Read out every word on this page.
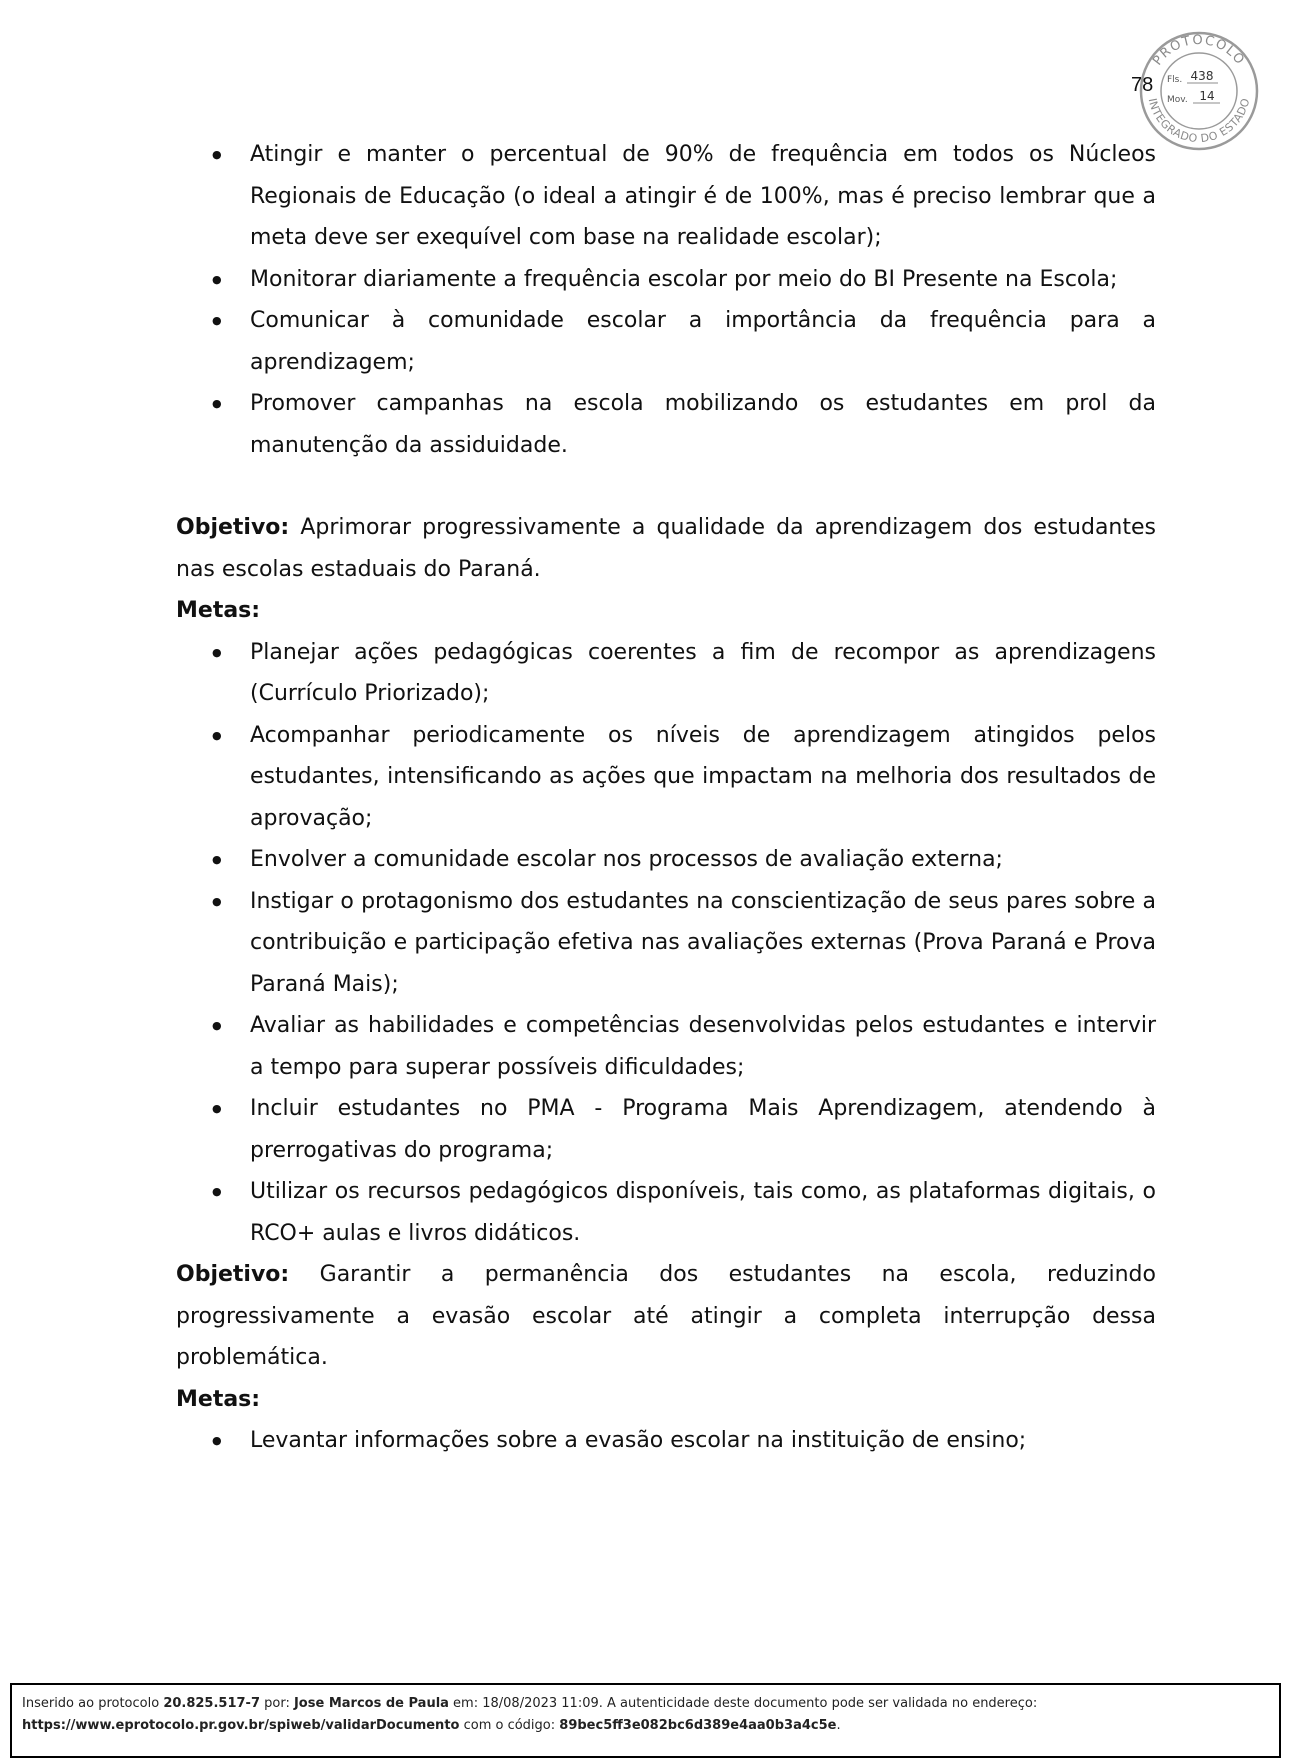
78
PROTOCOLO
INTEGRADO DO ESTADO
Fls. 438
Mov. 14
● Atingir e manter o percentual de 90% de frequência em todos os Núcleos Regionais de Educação (o ideal a atingir é de 100%, mas é preciso lembrar que a meta deve ser exequível com base na realidade escolar);
● Monitorar diariamente a frequência escolar por meio do BI Presente na Escola;
● Comunicar à comunidade escolar a importância da frequência para a aprendizagem;
● Promover campanhas na escola mobilizando os estudantes em prol da manutenção da assiduidade.

Objetivo: Aprimorar progressivamente a qualidade da aprendizagem dos estudantes nas escolas estaduais do Paraná.

Metas:

● Planejar ações pedagógicas coerentes a fim de recompor as aprendizagens (Currículo Priorizado);
● Acompanhar periodicamente os níveis de aprendizagem atingidos pelos estudantes, intensificando as ações que impactam na melhoria dos resultados de aprovação;
● Envolver a comunidade escolar nos processos de avaliação externa;
● Instigar o protagonismo dos estudantes na conscientização de seus pares sobre a contribuição e participação efetiva nas avaliações externas (Prova Paraná e Prova Paraná Mais);
● Avaliar as habilidades e competências desenvolvidas pelos estudantes e intervir a tempo para superar possíveis dificuldades;
● Incluir estudantes no PMA - Programa Mais Aprendizagem, atendendo à prerrogativas do programa;
● Utilizar os recursos pedagógicos disponíveis, tais como, as plataformas digitais, o RCO+ aulas e livros didáticos.

Objetivo: Garantir a permanência dos estudantes na escola, reduzindo progressivamente a evasão escolar até atingir a completa interrupção dessa problemática.

Metas:

● Levantar informações sobre a evasão escolar na instituição de ensino;
Inserido ao protocolo 20.825.517-7 por: Jose Marcos de Paula em: 18/08/2023 11:09. A autenticidade deste documento pode ser validada no endereço:
https://www.eprotocolo.pr.gov.br/spiweb/validarDocumento com o código: 89bec5ff3e082bc6d389e4aa0b3a4c5e.
